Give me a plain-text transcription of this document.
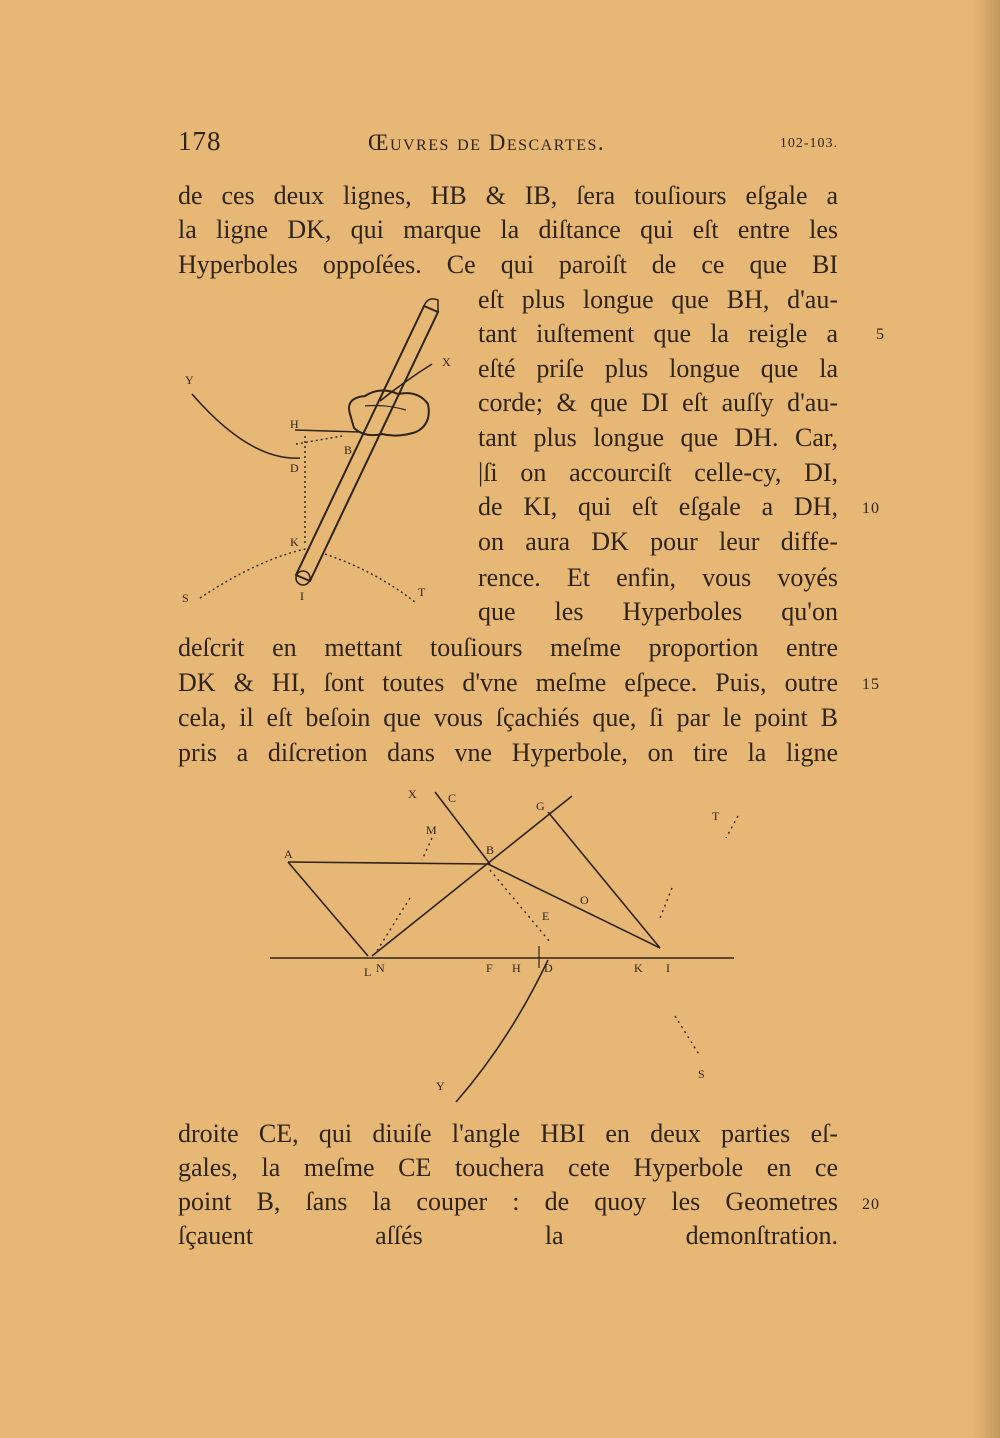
178	Œuvres de Descartes.	102-103.
de ces deux lignes, HB & IB, ſera touſiours eſgale a
la ligne DK, qui marque la diſtance qui eſt entre les
Hyperboles oppoſées. Ce qui paroiſt de ce que BI
eſt plus longue que BH, d'au-
tant iuſtement que la reigle a
eſté priſe plus longue que la
corde; & que DI eſt auſſy d'au-
tant plus longue que DH. Car,
|ſi on accourciſt celle-cy, DI,
de KI, qui eſt eſgale a DH,
on aura DK pour leur diffe-
rence. Et enfin, vous voyés
que les Hyperboles qu'on
deſcrit en mettant touſiours meſme proportion entre
DK & HI, ſont toutes d'vne meſme eſpece. Puis, outre
cela, il eſt beſoin que vous ſçachiés que, ſi par le point B
pris a diſcretion dans vne Hyperbole, on tire la ligne
droite CE, qui diuiſe l'angle HBI en deux parties eſ-
gales, la meſme CE touchera cete Hyperbole en ce
point B, ſans la couper : de quoy les Geometres
ſçauent aſſés la demonſtration.
5
10
15
20
Y
X
H
B
D
K
S	I	T
X	C
G
T
M
A	B
O
E
L N	F H D	K I
Y
S
